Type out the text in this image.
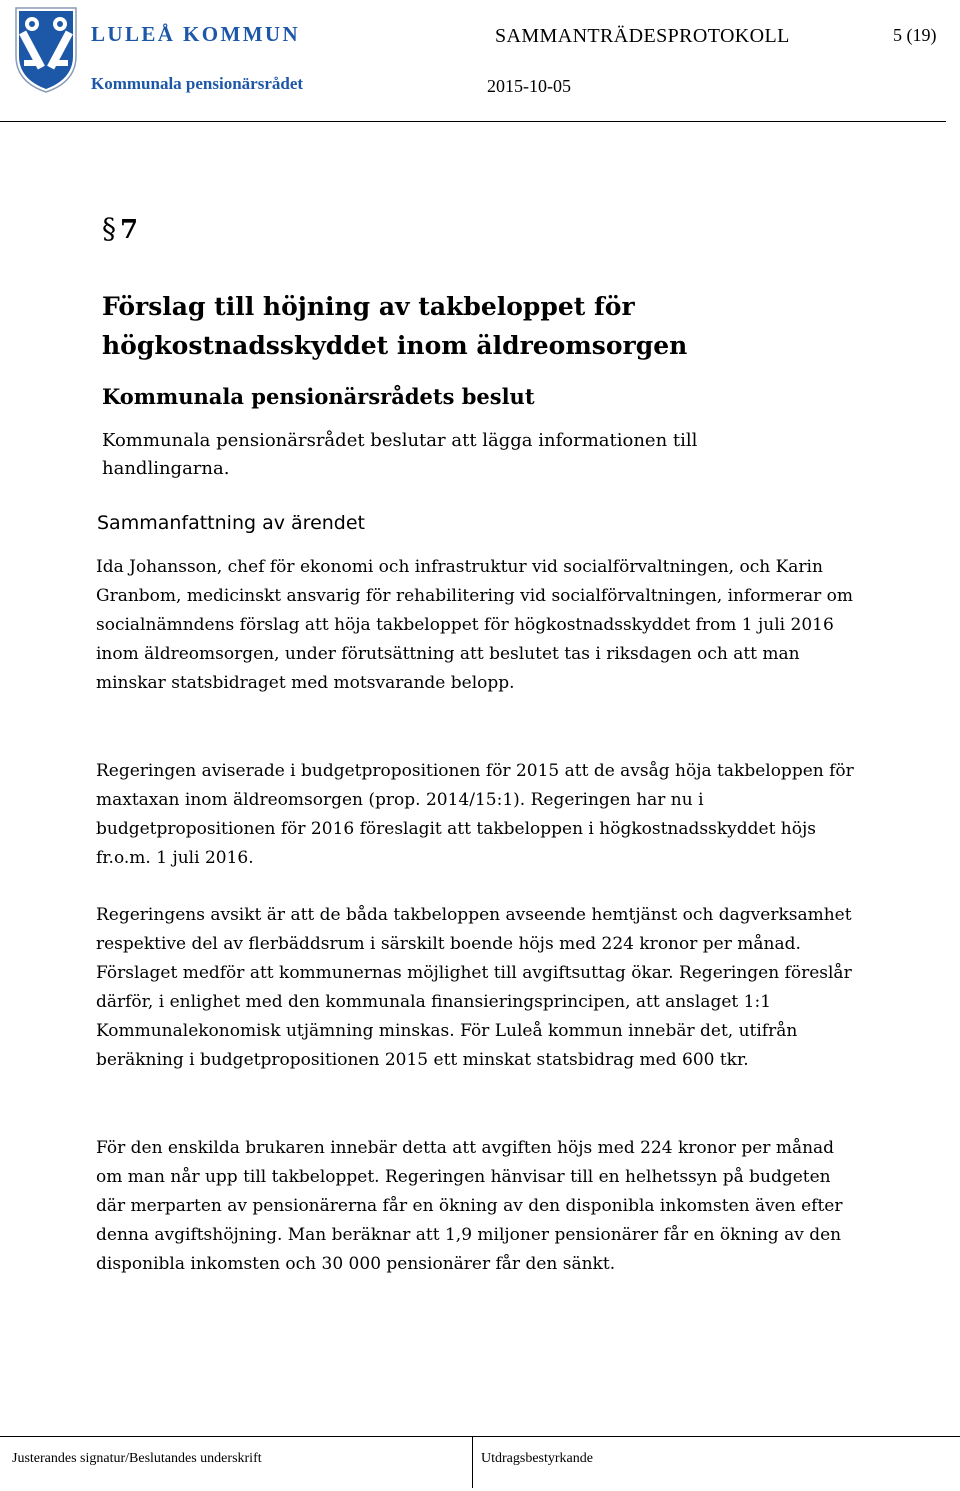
LULEÅ KOMMUN
Kommunala pensionärsrådet
SAMMANTRÄDESPROTOKOLL	5 (19)
2015-10-05
§ 7
Förslag till höjning av takbeloppet för högkostnadsskyddet inom äldreomsorgen
Kommunala pensionärsrådets beslut
Kommunala pensionärsrådet beslutar att lägga informationen till handlingarna.
Sammanfattning av ärendet

Ida Johansson, chef för ekonomi och infrastruktur vid socialförvaltningen, och Karin Granbom, medicinskt ansvarig för rehabilitering vid socialförvaltningen, informerar om socialnämndens förslag att höja takbeloppet för högkostnadsskyddet from 1 juli 2016 inom äldreomsorgen, under förutsättning att beslutet tas i riksdagen och att man minskar statsbidraget med motsvarande belopp.

Regeringen aviserade i budgetpropositionen för 2015 att de avsåg höja takbeloppen för maxtaxan inom äldreomsorgen (prop. 2014/15:1). Regeringen har nu i budgetpropositionen för 2016 föreslagit att takbeloppen i högkostnadsskyddet höjs fr.o.m. 1 juli 2016.

Regeringens avsikt är att de båda takbeloppen avseende hemtjänst och dagverksamhet respektive del av flerbäddsrum i särskilt boende höjs med 224 kronor per månad. Förslaget medför att kommunernas möjlighet till avgiftsuttag ökar. Regeringen föreslår därför, i enlighet med den kommunala finansieringsprincipen, att anslaget 1:1 Kommunalekonomisk utjämning minskas. För Luleå kommun innebär det, utifrån beräkning i budgetpropositionen 2015 ett minskat statsbidrag med 600 tkr.

För den enskilda brukaren innebär detta att avgiften höjs med 224 kronor per månad om man når upp till takbeloppet. Regeringen hänvisar till en helhetssyn på budgeten där merparten av pensionärerna får en ökning av den disponibla inkomsten även efter denna avgiftshöjning. Man beräknar att 1,9 miljoner pensionärer får en ökning av den disponibla inkomsten och 30 000 pensionärer får den sänkt.

Justerandes signatur/Beslutandes underskrift	Utdragsbestyrkande
